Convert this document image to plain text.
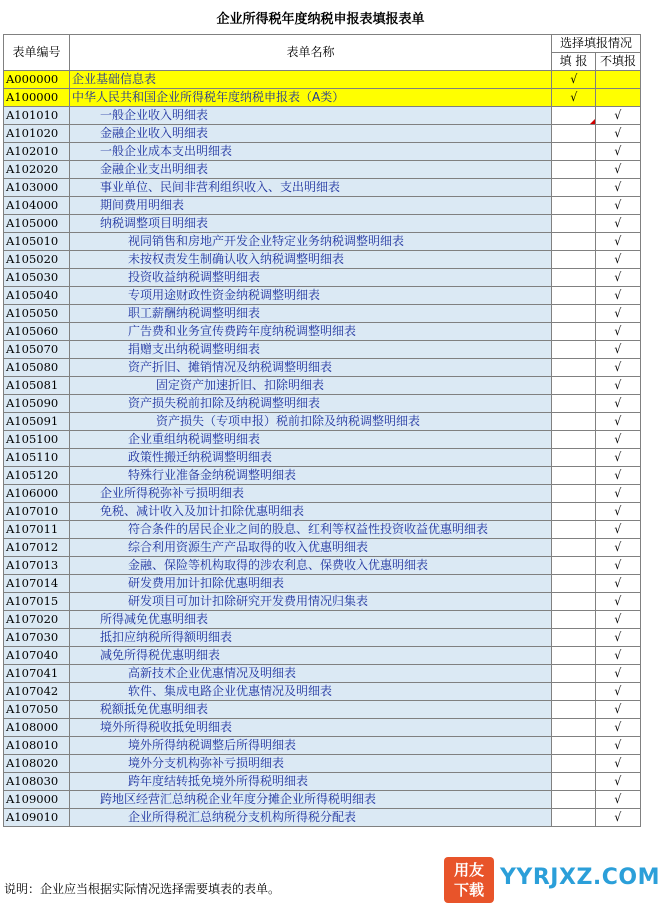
企业所得税年度纳税申报表填报表单
表单编号	表单名称	选择填报情况	
		填 报	不填报
A000000	企业基础信息表	√	
A100000	中华人民共和国企业所得税年度纳税申报表（A类）	√	
A101010	一般企业收入明细表		√
A101020	金融企业收入明细表		√
A102010	一般企业成本支出明细表		√
A102020	金融企业支出明细表		√
A103000	事业单位、民间非营利组织收入、支出明细表		√
A104000	期间费用明细表		√
A105000	纳税调整项目明细表		√
A105010	视同销售和房地产开发企业特定业务纳税调整明细表		√
A105020	未按权责发生制确认收入纳税调整明细表		√
A105030	投资收益纳税调整明细表		√
A105040	专项用途财政性资金纳税调整明细表		√
A105050	职工薪酬纳税调整明细表		√
A105060	广告费和业务宣传费跨年度纳税调整明细表		√
A105070	捐赠支出纳税调整明细表		√
A105080	资产折旧、摊销情况及纳税调整明细表		√
A105081	固定资产加速折旧、扣除明细表		√
A105090	资产损失税前扣除及纳税调整明细表		√
A105091	资产损失（专项申报）税前扣除及纳税调整明细表		√
A105100	企业重组纳税调整明细表		√
A105110	政策性搬迁纳税调整明细表		√
A105120	特殊行业准备金纳税调整明细表		√
A106000	企业所得税弥补亏损明细表		√
A107010	免税、减计收入及加计扣除优惠明细表		√
A107011	符合条件的居民企业之间的股息、红利等权益性投资收益优惠明细表		√
A107012	综合利用资源生产产品取得的收入优惠明细表		√
A107013	金融、保险等机构取得的涉农利息、保费收入优惠明细表		√
A107014	研发费用加计扣除优惠明细表		√
A107015	研发项目可加计扣除研究开发费用情况归集表		√
A107020	所得减免优惠明细表		√
A107030	抵扣应纳税所得额明细表		√
A107040	减免所得税优惠明细表		√
A107041	高新技术企业优惠情况及明细表		√
A107042	软件、集成电路企业优惠情况及明细表		√
A107050	税额抵免优惠明细表		√
A108000	境外所得税收抵免明细表		√
A108010	境外所得纳税调整后所得明细表		√
A108020	境外分支机构弥补亏损明细表		√
A108030	跨年度结转抵免境外所得税明细表		√
A109000	跨地区经营汇总纳税企业年度分摊企业所得税明细表		√
A109010	企业所得税汇总纳税分支机构所得税分配表		√
说明：企业应当根据实际情况选择需要填表的表单。
用友
下载 YYRJXZ.COM
